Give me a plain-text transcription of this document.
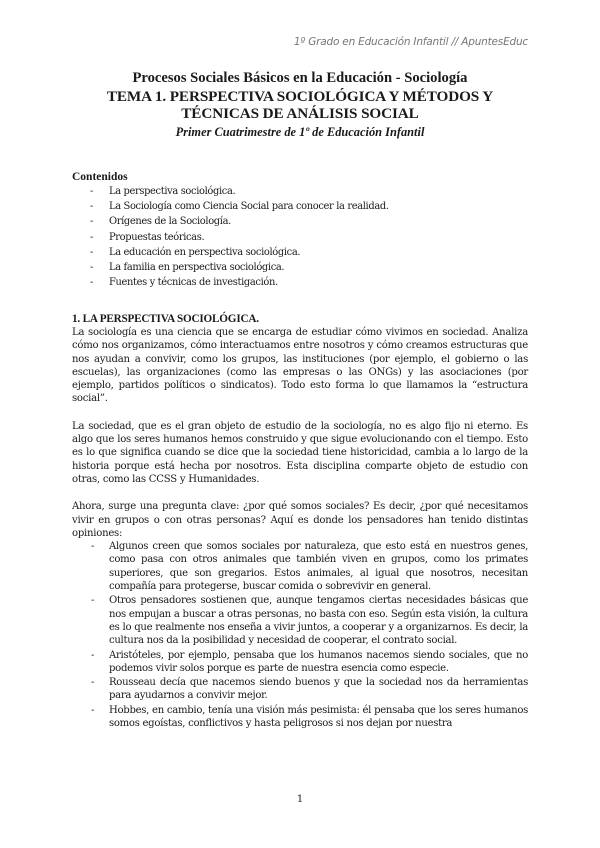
1º Grado en Educación Infantil // ApuntesEduc
Procesos Sociales Básicos en la Educación - Sociología
TEMA 1. PERSPECTIVA SOCIOLÓGICA Y MÉTODOS Y
TÉCNICAS DE ANÁLISIS SOCIAL
Primer Cuatrimestre de 1º de Educación Infantil
Contenidos
- La perspectiva sociológica.
- La Sociología como Ciencia Social para conocer la realidad.
- Orígenes de la Sociología.
- Propuestas teóricas.
- La educación en perspectiva sociológica.
- La familia en perspectiva sociológica.
- Fuentes y técnicas de investigación.
1. LA PERSPECTIVA SOCIOLÓGICA.

La sociología es una ciencia que se encarga de estudiar cómo vivimos en sociedad. Analiza cómo nos organizamos, cómo interactuamos entre nosotros y cómo creamos estructuras que nos ayudan a convivir, como los grupos, las instituciones (por ejemplo, el gobierno o las escuelas), las organizaciones (como las empresas o las ONGs) y las asociaciones (por ejemplo, partidos políticos o sindicatos). Todo esto forma lo que llamamos la “estructura social”.

La sociedad, que es el gran objeto de estudio de la sociología, no es algo fijo ni eterno. Es algo que los seres humanos hemos construido y que sigue evolucionando con el tiempo. Esto es lo que significa cuando se dice que la sociedad tiene historicidad, cambia a lo largo de la historia porque está hecha por nosotros. Esta disciplina comparte objeto de estudio con otras, como las CCSS y Humanidades.

Ahora, surge una pregunta clave: ¿por qué somos sociales? Es decir, ¿por qué necesitamos vivir en grupos o con otras personas? Aquí es donde los pensadores han tenido distintas opiniones:

- Algunos creen que somos sociales por naturaleza, que esto está en nuestros genes, como pasa con otros animales que también viven en grupos, como los primates superiores, que son gregarios. Estos animales, al igual que nosotros, necesitan compañía para protegerse, buscar comida o sobrevivir en general.
- Otros pensadores sostienen que, aunque tengamos ciertas necesidades básicas que nos empujan a buscar a otras personas, no basta con eso. Según esta visión, la cultura es lo que realmente nos enseña a vivir juntos, a cooperar y a organizarnos. Es decir, la cultura nos da la posibilidad y necesidad de cooperar, el contrato social.
- Aristóteles, por ejemplo, pensaba que los humanos nacemos siendo sociales, que no podemos vivir solos porque es parte de nuestra esencia como especie.
- Rousseau decía que nacemos siendo buenos y que la sociedad nos da herramientas para ayudarnos a convivir mejor.
- Hobbes, en cambio, tenía una visión más pesimista: él pensaba que los seres humanos somos egoístas, conflictivos y hasta peligrosos si nos dejan por nuestra
1
